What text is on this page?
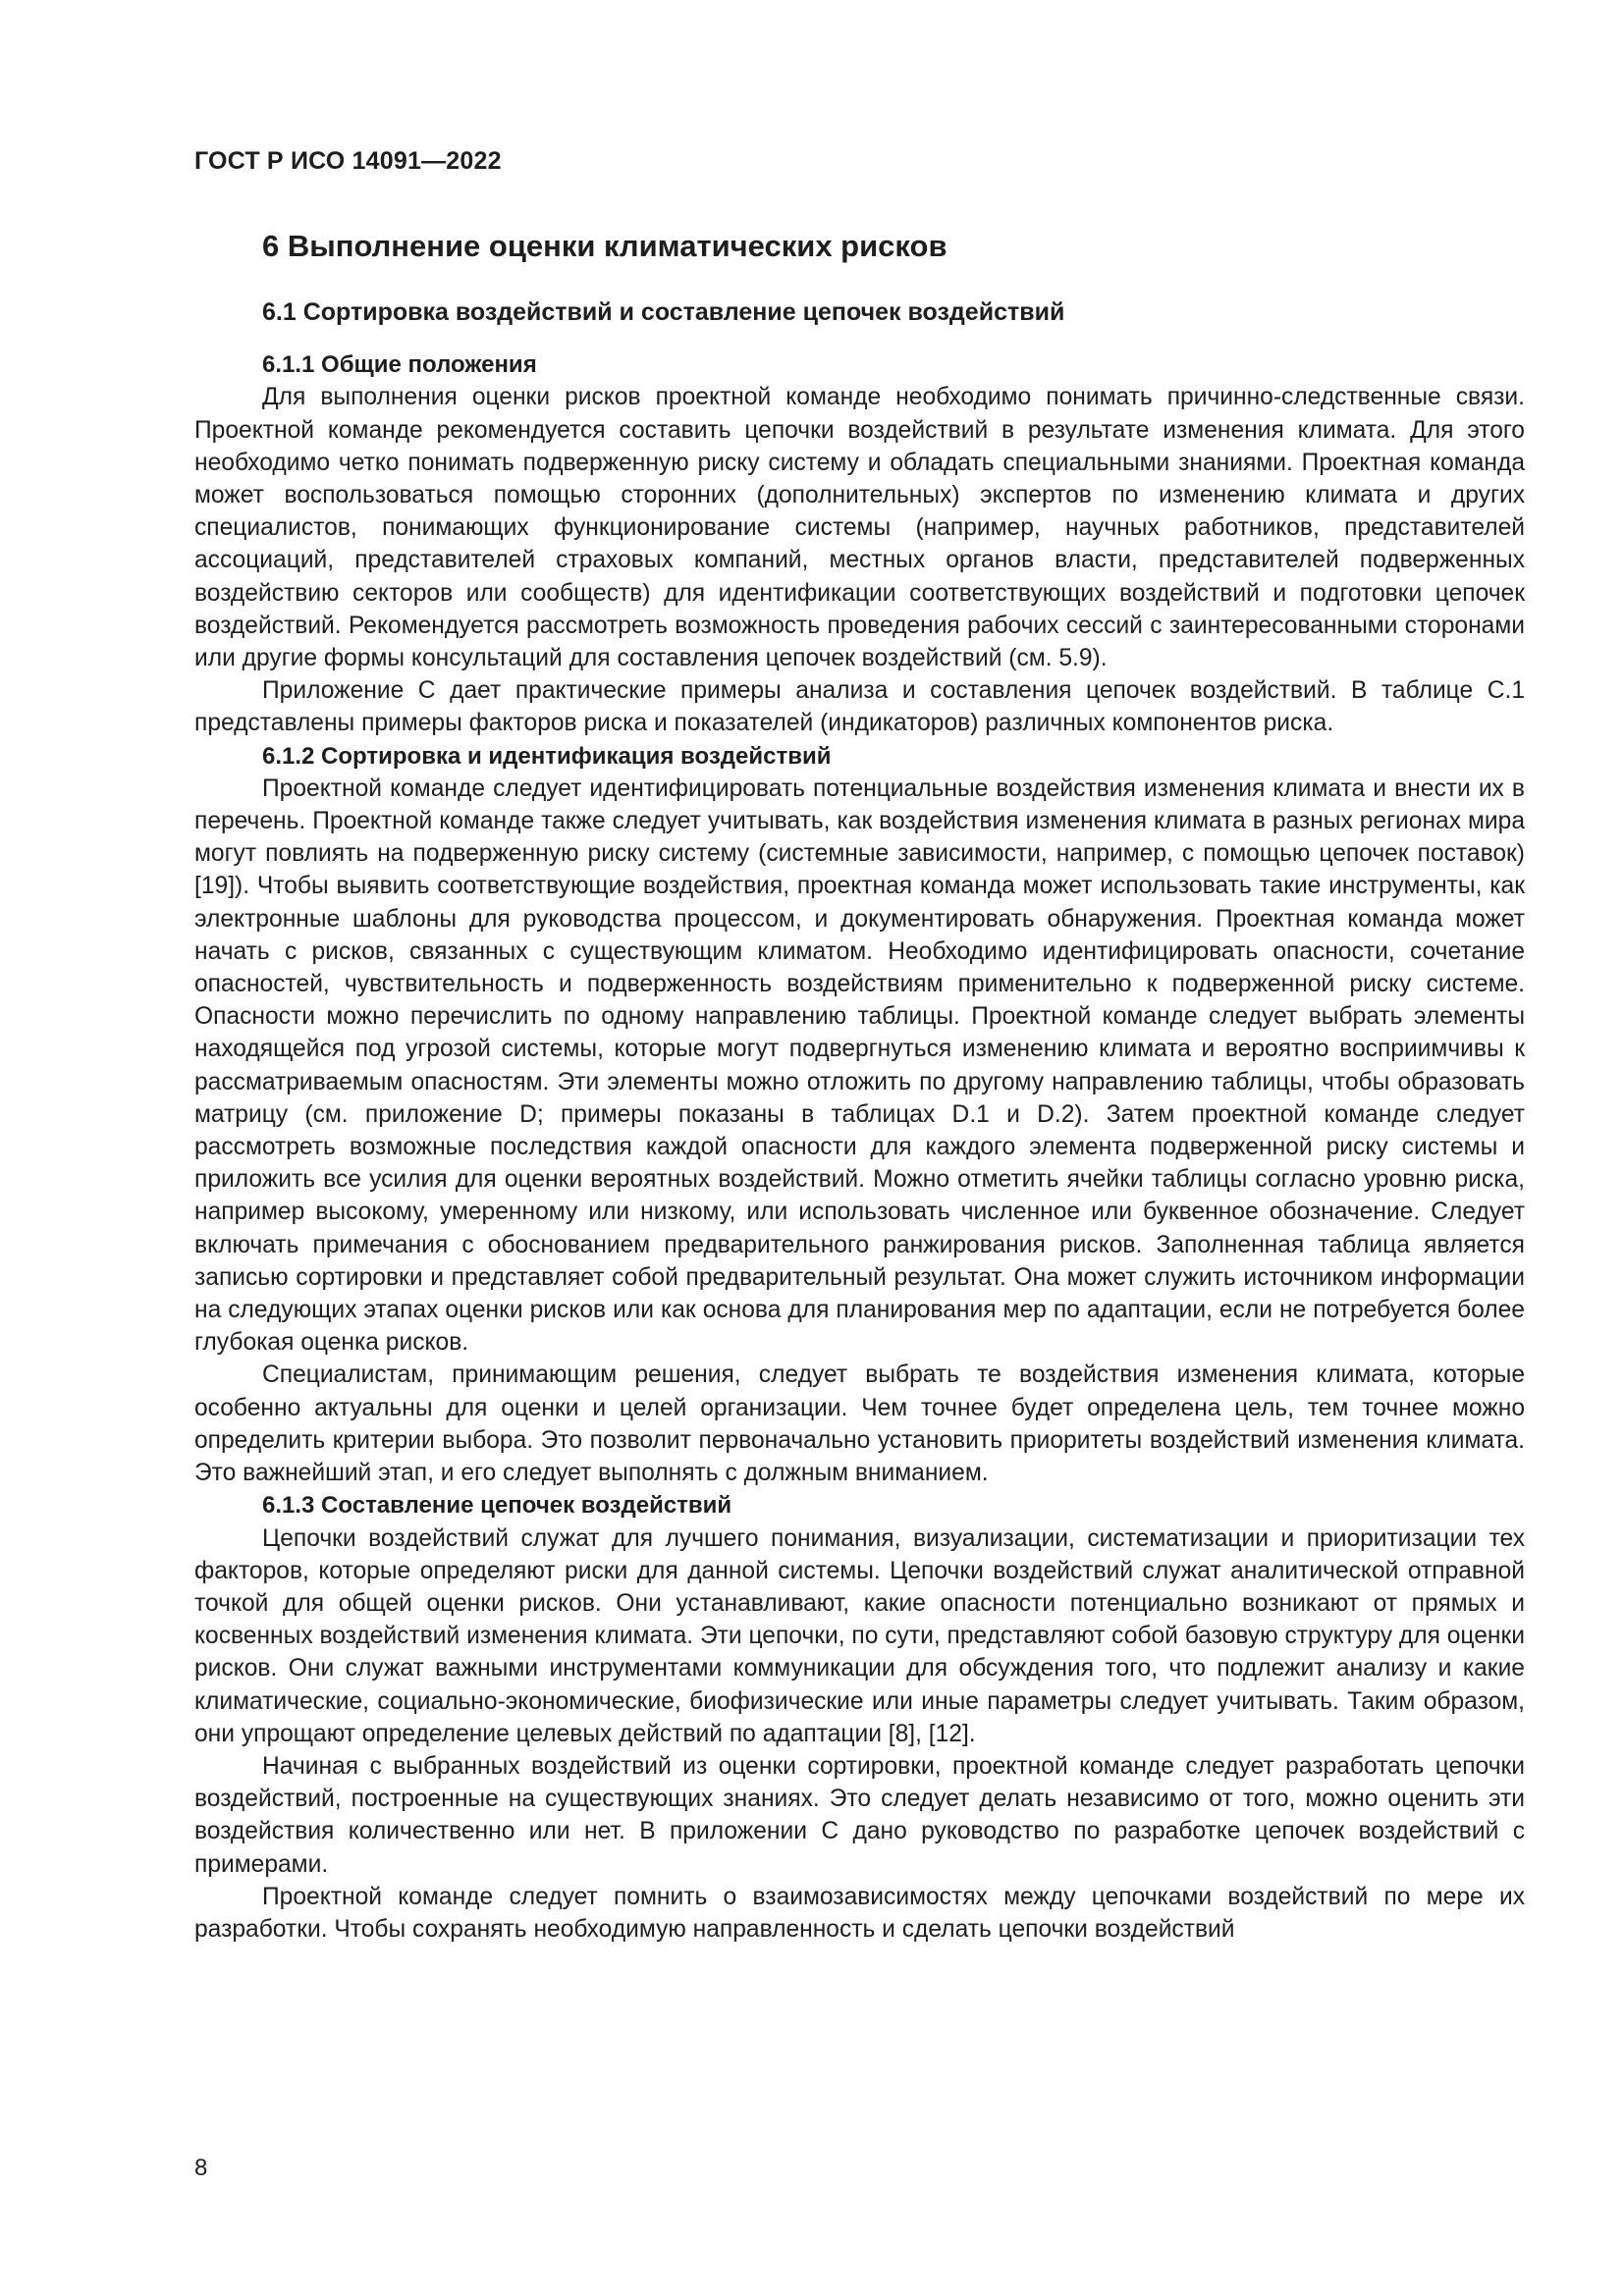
ГОСТ Р ИСО 14091—2022

6 Выполнение оценки климатических рисков
6.1 Сортировка воздействий и составление цепочек воздействий
6.1.1 Общие положения

Для выполнения оценки рисков проектной команде необходимо понимать причинно-следственные связи. Проектной команде рекомендуется составить цепочки воздействий в результате изменения климата. Для этого необходимо четко понимать подверженную риску систему и обладать специальными знаниями. Проектная команда может воспользоваться помощью сторонних (дополнительных) экспертов по изменению климата и других специалистов, понимающих функционирование системы (например, научных работников, представителей ассоциаций, представителей страховых компаний, местных органов власти, представителей подверженных воздействию секторов или сообществ) для идентификации соответствующих воздействий и подготовки цепочек воздействий. Рекомендуется рассмотреть возможность проведения рабочих сессий с заинтересованными сторонами или другие формы консультаций для составления цепочек воздействий (см. 5.9).

Приложение С дает практические примеры анализа и составления цепочек воздействий. В таблице С.1 представлены примеры факторов риска и показателей (индикаторов) различных компонентов риска.

6.1.2 Сортировка и идентификация воздействий

Проектной команде следует идентифицировать потенциальные воздействия изменения климата и внести их в перечень. Проектной команде также следует учитывать, как воздействия изменения климата в разных регионах мира могут повлиять на подверженную риску систему (системные зависимости, например, с помощью цепочек поставок) [19]). Чтобы выявить соответствующие воздействия, проектная команда может использовать такие инструменты, как электронные шаблоны для руководства процессом, и документировать обнаружения. Проектная команда может начать с рисков, связанных с существующим климатом. Необходимо идентифицировать опасности, сочетание опасностей, чувствительность и подверженность воздействиям применительно к подверженной риску системе. Опасности можно перечислить по одному направлению таблицы. Проектной команде следует выбрать элементы находящейся под угрозой системы, которые могут подвергнуться изменению климата и вероятно восприимчивы к рассматриваемым опасностям. Эти элементы можно отложить по другому направлению таблицы, чтобы образовать матрицу (см. приложение D; примеры показаны в таблицах D.1 и D.2). Затем проектной команде следует рассмотреть возможные последствия каждой опасности для каждого элемента подверженной риску системы и приложить все усилия для оценки вероятных воздействий. Можно отметить ячейки таблицы согласно уровню риска, например высокому, умеренному или низкому, или использовать численное или буквенное обозначение. Следует включать примечания с обоснованием предварительного ранжирования рисков. Заполненная таблица является записью сортировки и представляет собой предварительный результат. Она может служить источником информации на следующих этапах оценки рисков или как основа для планирования мер по адаптации, если не потребуется более глубокая оценка рисков.

Специалистам, принимающим решения, следует выбрать те воздействия изменения климата, которые особенно актуальны для оценки и целей организации. Чем точнее будет определена цель, тем точнее можно определить критерии выбора. Это позволит первоначально установить приоритеты воздействий изменения климата. Это важнейший этап, и его следует выполнять с должным вниманием.

6.1.3 Составление цепочек воздействий

Цепочки воздействий служат для лучшего понимания, визуализации, систематизации и приоритизации тех факторов, которые определяют риски для данной системы. Цепочки воздействий служат аналитической отправной точкой для общей оценки рисков. Они устанавливают, какие опасности потенциально возникают от прямых и косвенных воздействий изменения климата. Эти цепочки, по сути, представляют собой базовую структуру для оценки рисков. Они служат важными инструментами коммуникации для обсуждения того, что подлежит анализу и какие климатические, социально-экономические, биофизические или иные параметры следует учитывать. Таким образом, они упрощают определение целевых действий по адаптации [8], [12].

Начиная с выбранных воздействий из оценки сортировки, проектной команде следует разработать цепочки воздействий, построенные на существующих знаниях. Это следует делать независимо от того, можно оценить эти воздействия количественно или нет. В приложении С дано руководство по разработке цепочек воздействий с примерами.

Проектной команде следует помнить о взаимозависимостях между цепочками воздействий по мере их разработки. Чтобы сохранять необходимую направленность и сделать цепочки воздействий

8
